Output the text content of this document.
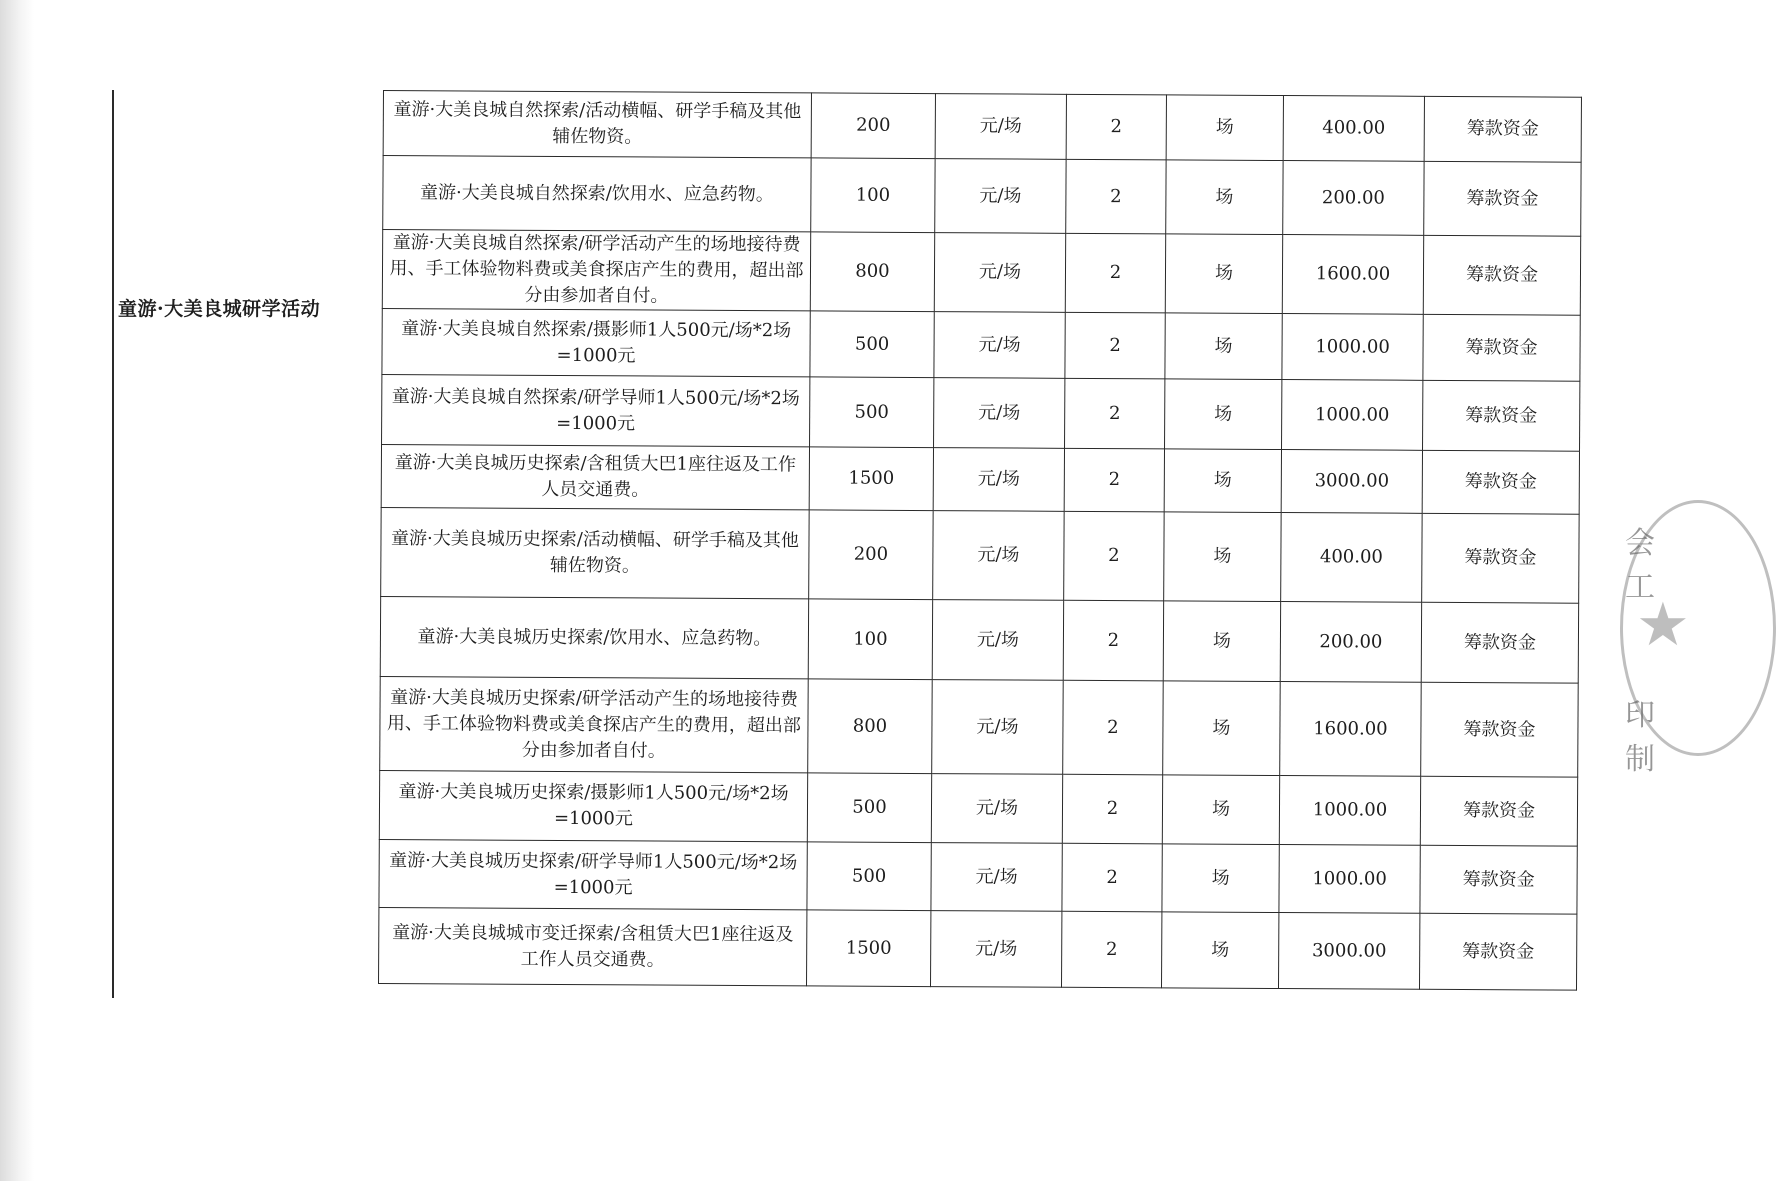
童游·大美良城研学活动
童游·大美良城自然探索/活动横幅、研学手稿及其他辅佐物资。	200	元/场	2	场	400.00	筹款资金
童游·大美良城自然探索/饮用水、应急药物。	100	元/场	2	场	200.00	筹款资金
童游·大美良城自然探索/研学活动产生的场地接待费用、手工体验物料费或美食探店产生的费用，超出部分由参加者自付。	800	元/场	2	场	1600.00	筹款资金
童游·大美良城自然探索/摄影师1人500元/场*2场=1000元	500	元/场	2	场	1000.00	筹款资金
童游·大美良城自然探索/研学导师1人500元/场*2场=1000元	500	元/场	2	场	1000.00	筹款资金
童游·大美良城历史探索/含租赁大巴1座往返及工作人员交通费。	1500	元/场	2	场	3000.00	筹款资金
童游·大美良城历史探索/活动横幅、研学手稿及其他辅佐物资。	200	元/场	2	场	400.00	筹款资金
童游·大美良城历史探索/饮用水、应急药物。	100	元/场	2	场	200.00	筹款资金
童游·大美良城历史探索/研学活动产生的场地接待费用、手工体验物料费或美食探店产生的费用，超出部分由参加者自付。	800	元/场	2	场	1600.00	筹款资金
童游·大美良城历史探索/摄影师1人500元/场*2场=1000元	500	元/场	2	场	1000.00	筹款资金
童游·大美良城历史探索/研学导师1人500元/场*2场=1000元	500	元/场	2	场	1000.00	筹款资金
童游·大美良城城市变迁探索/含租赁大巴1座往返及工作人员交通费。	1500	元/场	2	场	3000.00	筹款资金
会工
★
印制
